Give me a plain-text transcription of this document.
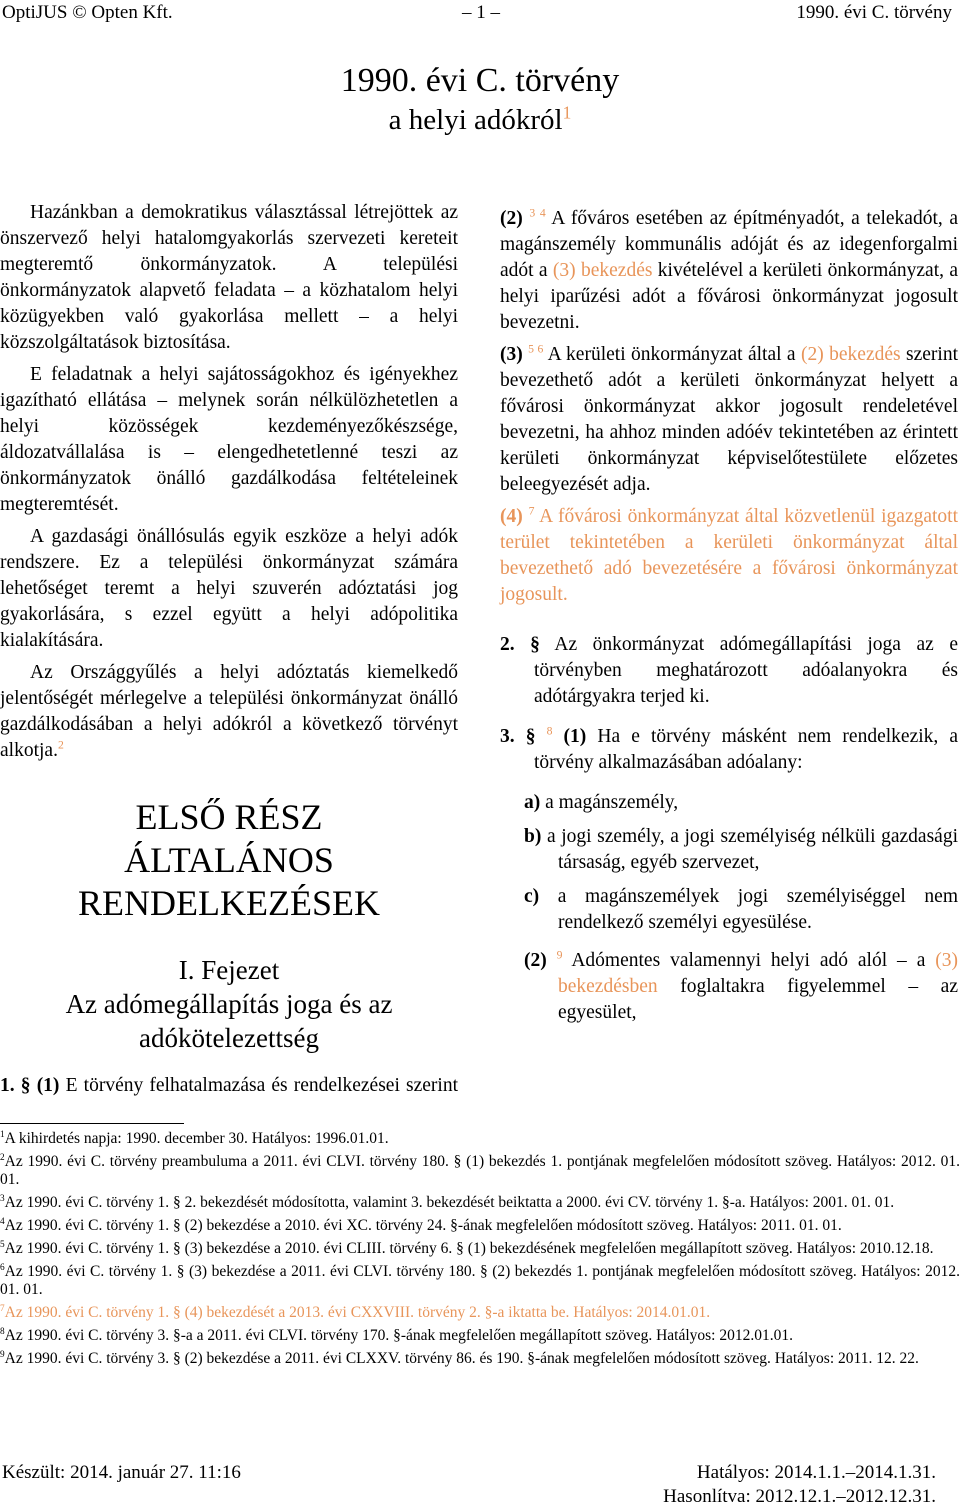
OptiJUS © Opten Kft.	– 1 –	1990. évi C. törvény
1990. évi C. törvény
a helyi adókról$^1$

Hazánkban a demokratikus választással létrejöttek az önszervező helyi hatalomgyakorlás szervezeti kereteit megteremtő önkormányzatok. A települési önkormányzatok alapvető feladata – a közhatalom helyi közügyekben való gyakorlása mellett – a helyi közszolgáltatások biztosítása.

E feladatnak a helyi sajátosságokhoz és igényekhez igazítható ellátása – melynek során nélkülözhetetlen a helyi közösségek kezdeményezőkészsége, áldozatvállalása is – elengedhetetlenné teszi az önkormányzatok önálló gazdálkodása feltételeinek megteremtését.

A gazdasági önállósulás egyik eszköze a helyi adók rendszere. Ez a települési önkormányzat számára lehetőséget teremt a helyi szuverén adóztatási jog gyakorlására, s ezzel együtt a helyi adópolitika kialakítására.

Az Országgyűlés a helyi adóztatás kiemelkedő jelentőségét mérlegelve a települési önkormányzat önálló gazdálkodásában a helyi adókról a következő törvényt alkotja.$^2$

ELSŐ RÉSZ
ÁLTALÁNOS
RENDELKEZÉSEK
I. Fejezet
Az adómegállapítás joga és az
adókötelezettség

1. § (1) E törvény felhatalmazása és rendelkezései szerint

(2) $^{3 4}$ A főváros esetében az építményadót, a telekadót, a magánszemély kommunális adóját és az idegenforgalmi adót a (3) bekezdés kivételével a kerületi önkormányzat, a helyi iparűzési adót a fővárosi önkormányzat jogosult bevezetni.

(3) $^{5 6}$ A kerületi önkormányzat által a (2) bekezdés szerint bevezethető adót a kerületi önkormányzat helyett a fővárosi önkormányzat akkor jogosult rendeletével bevezetni, ha ahhoz minden adóév tekintetében az érintett kerületi önkormányzat képviselőtestülete előzetes beleegyezését adja.

(4) $^7$ A fővárosi önkormányzat által közvetlenül igazgatott terület tekintetében a kerületi önkormányzat által bevezethető adó bevezetésére a fővárosi önkormányzat jogosult.

2. § Az önkormányzat adómegállapítási joga az e törvényben meghatározott adóalanyokra és adótárgyakra terjed ki.

3. § $^8$ (1) Ha e törvény másként nem rendelkezik, a törvény alkalmazásában adóalany:

a) a magánszemély,

b) a jogi személy, a jogi személyiség nélküli gazdasági társaság, egyéb szervezet,

c) a magánszemélyek jogi személyiséggel nem rendelkező személyi egyesülése.

(2) $^9$ Adómentes valamennyi helyi adó alól – a (3) bekezdésben foglaltakra figyelemmel – az egyesület,

$^1$A kihirdetés napja: 1990. december 30. Hatályos: 1996.01.01.

$^2$Az 1990. évi C. törvény preambuluma a 2011. évi CLVI. törvény 180. § (1) bekezdés 1. pontjának megfelelően módosított szöveg. Hatályos: 2012. 01. 01.

$^3$Az 1990. évi C. törvény 1. § 2. bekezdését módosította, valamint 3. bekezdését beiktatta a 2000. évi CV. törvény 1. §-a. Hatályos: 2001. 01. 01.

$^4$Az 1990. évi C. törvény 1. § (2) bekezdése a 2010. évi XC. törvény 24. §-ának megfelelően módosított szöveg. Hatályos: 2011. 01. 01.

$^5$Az 1990. évi C. törvény 1. § (3) bekezdése a 2010. évi CLIII. törvény 6. § (1) bekezdésének megfelelően megállapított szöveg. Hatályos: 2010.12.18.

$^6$Az 1990. évi C. törvény 1. § (3) bekezdése a 2011. évi CLVI. törvény 180. § (2) bekezdés 1. pontjának megfelelően módosított szöveg. Hatályos: 2012. 01. 01.

$^7$Az 1990. évi C. törvény 1. § (4) bekezdését a 2013. évi CXXVIII. törvény 2. §-a iktatta be. Hatályos: 2014.01.01.

$^8$Az 1990. évi C. törvény 3. §-a a 2011. évi CLVI. törvény 170. §-ának megfelelően megállapított szöveg. Hatályos: 2012.01.01.

$^9$Az 1990. évi C. törvény 3. § (2) bekezdése a 2011. évi CLXXV. törvény 86. és 190. §-ának megfelelően módosított szöveg. Hatályos: 2011. 12. 22.

Készült: 2014. január 27. 11:16	Hatályos: 2014.1.1.–2014.1.31.
Hasonlítva: 2012.12.1.–2012.12.31.
